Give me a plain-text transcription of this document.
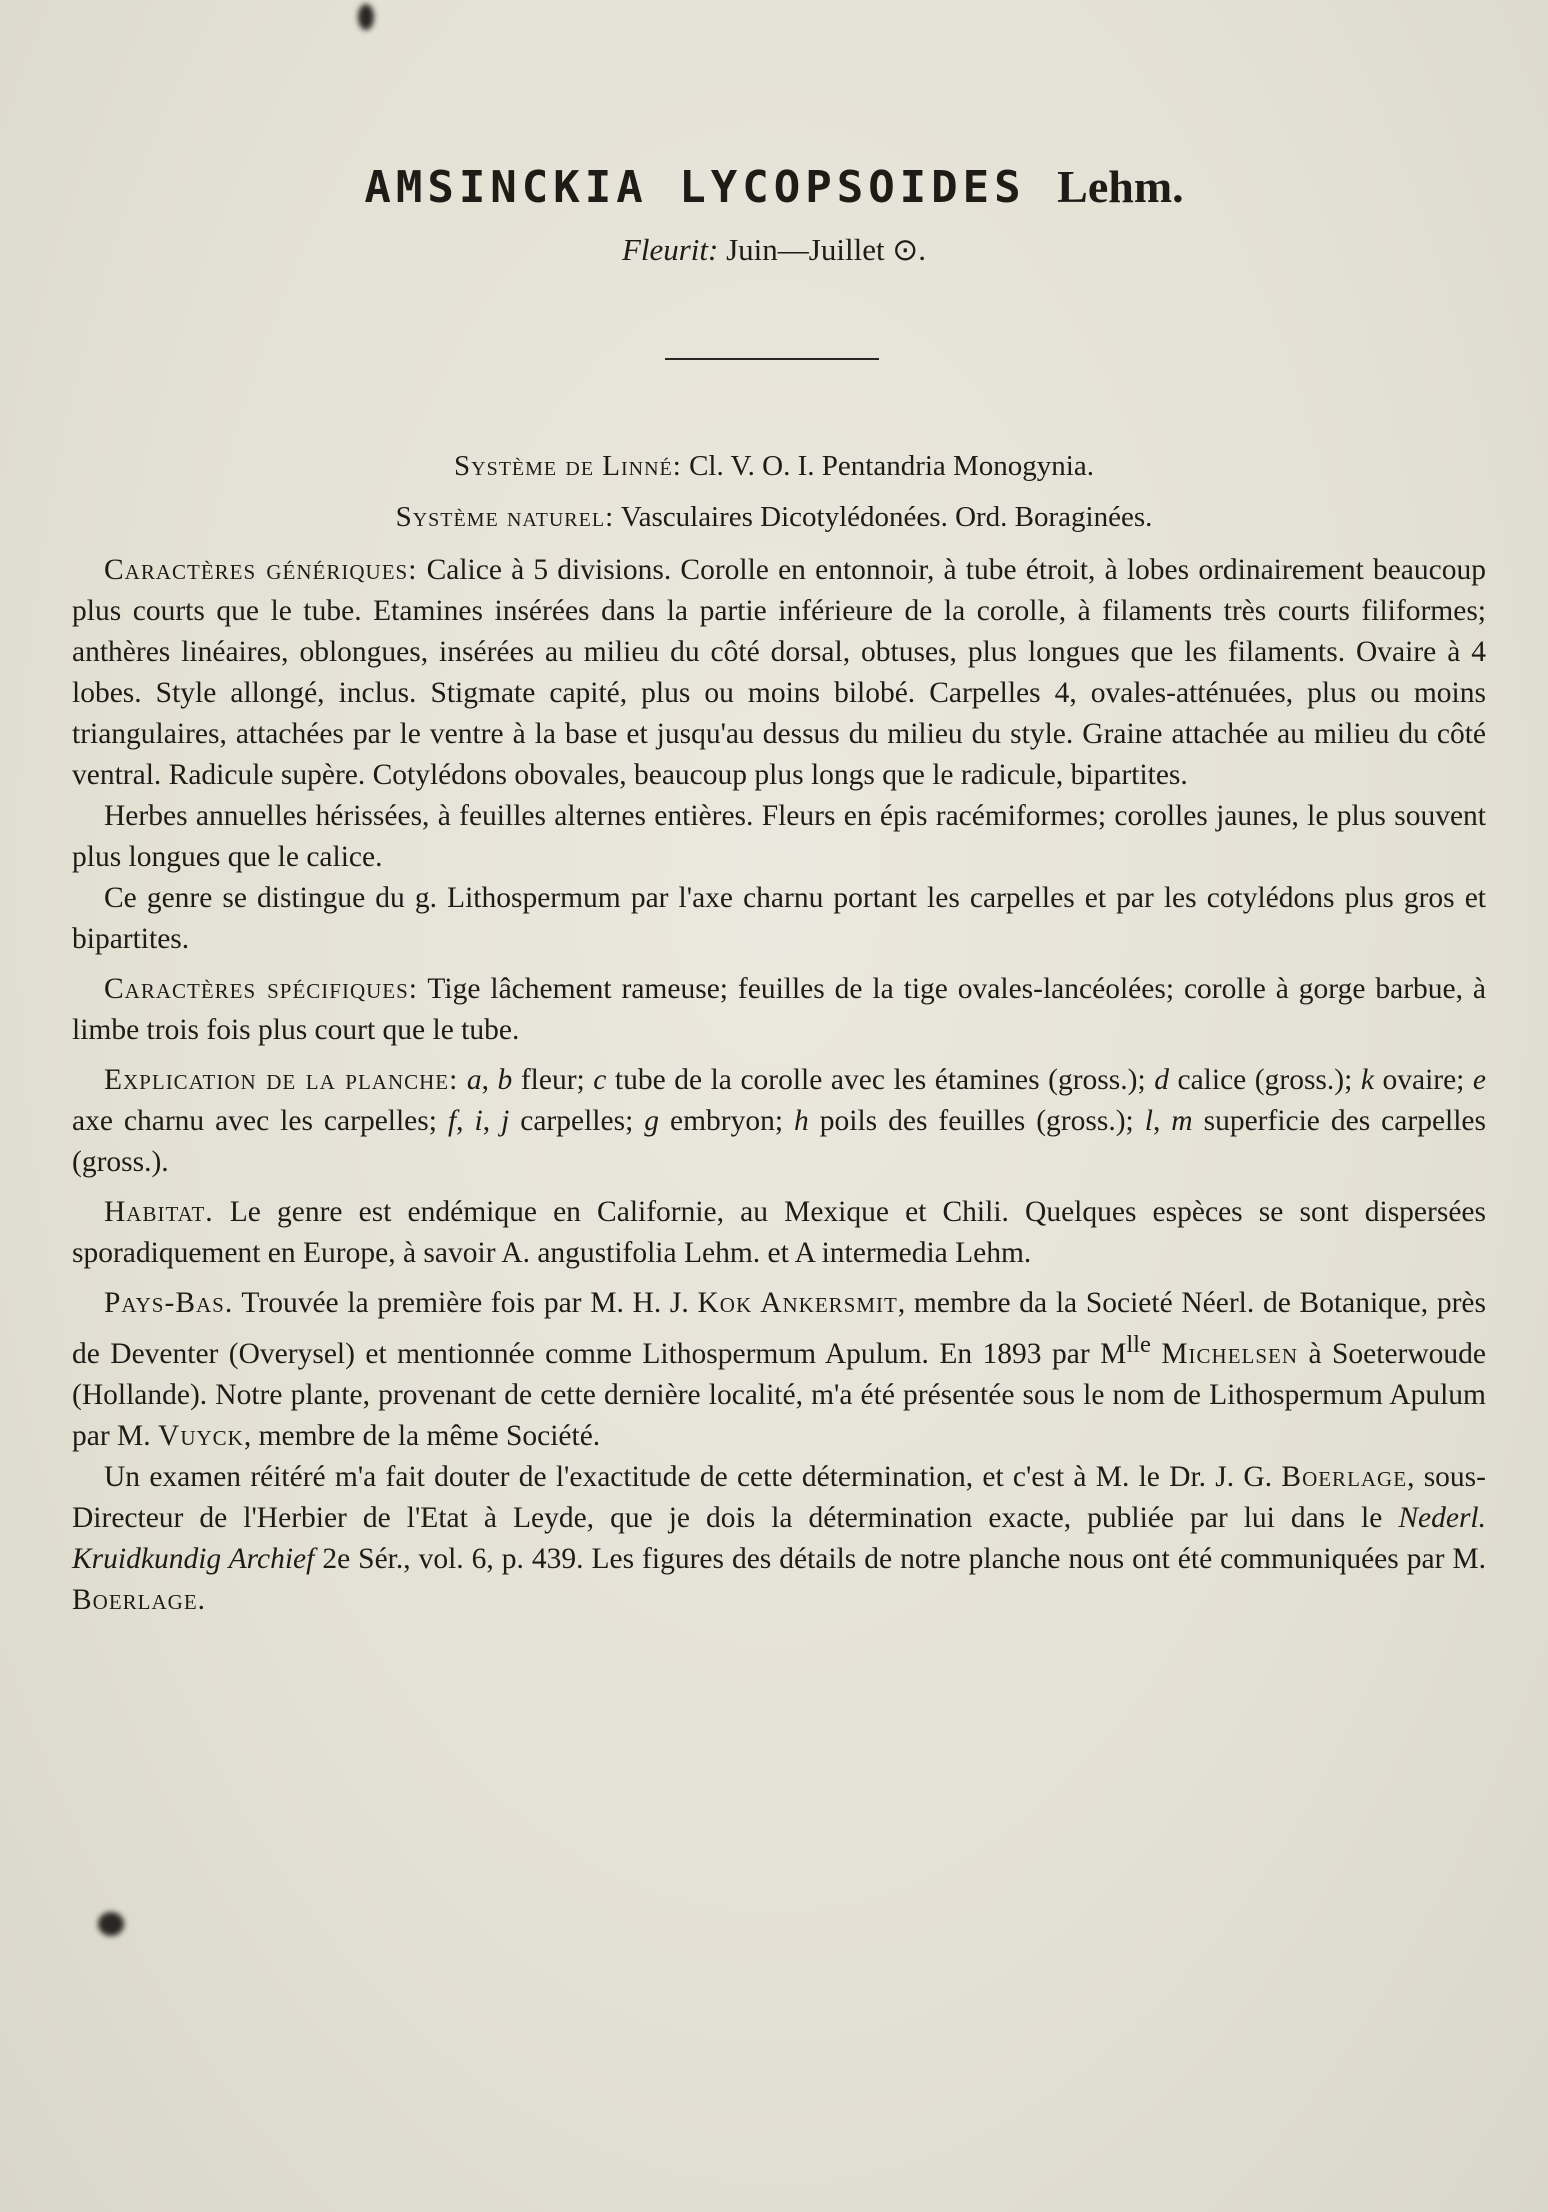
AMSINCKIA LYCOPSOIDES Lehm.
Fleurit: Juin—Juillet ⊙.
Système de Linné: Cl. V. O. I. Pentandria Monogynia.
Système naturel: Vasculaires Dicotylédonées. Ord. Boraginées.

Caractères génériques: Calice à 5 divisions. Corolle en entonnoir, à tube étroit, à lobes ordinairement beaucoup plus courts que le tube. Etamines insérées dans la partie inférieure de la corolle, à filaments très courts filiformes; anthères linéaires, oblongues, insérées au milieu du côté dorsal, obtuses, plus longues que les filaments. Ovaire à 4 lobes. Style allongé, inclus. Stigmate capité, plus ou moins bilobé. Carpelles 4, ovales-atténuées, plus ou moins triangulaires, attachées par le ventre à la base et jusqu'au dessus du milieu du style. Graine attachée au milieu du côté ventral. Radicule supère. Cotylédons obovales, beaucoup plus longs que le radicule, bipartites.

Herbes annuelles hérissées, à feuilles alternes entières. Fleurs en épis racémiformes; corolles jaunes, le plus souvent plus longues que le calice.

Ce genre se distingue du g. Lithospermum par l'axe charnu portant les carpelles et par les cotylédons plus gros et bipartites.

Caractères spécifiques: Tige lâchement rameuse; feuilles de la tige ovales-lancéolées; corolle à gorge barbue, à limbe trois fois plus court que le tube.

Explication de la planche: a, b fleur; c tube de la corolle avec les étamines (gross.); d calice (gross.); k ovaire; e axe charnu avec les carpelles; f, i, j carpelles; g embryon; h poils des feuilles (gross.); l, m superficie des carpelles (gross.).

Habitat. Le genre est endémique en Californie, au Mexique et Chili. Quelques espèces se sont dispersées sporadiquement en Europe, à savoir A. angustifolia Lehm. et A intermedia Lehm.

Pays-Bas. Trouvée la première fois par M. H. J. Kok Ankersmit, membre da la Societé Néerl. de Botanique, près de Deventer (Overysel) et mentionnée comme Lithospermum Apulum. En 1893 par $M^{lle}$ Michelsen à Soeterwoude (Hollande). Notre plante, provenant de cette dernière localité, m'a été présentée sous le nom de Lithospermum Apulum par M. Vuyck, membre de la même Société.

Un examen réitéré m'a fait douter de l'exactitude de cette détermination, et c'est à M. le Dr. J. G. Boerlage, sous-Directeur de l'Herbier de l'Etat à Leyde, que je dois la détermination exacte, publiée par lui dans le Nederl. Kruidkundig Archief 2e Sér., vol. 6, p. 439. Les figures des détails de notre planche nous ont été communiquées par M. Boerlage.
